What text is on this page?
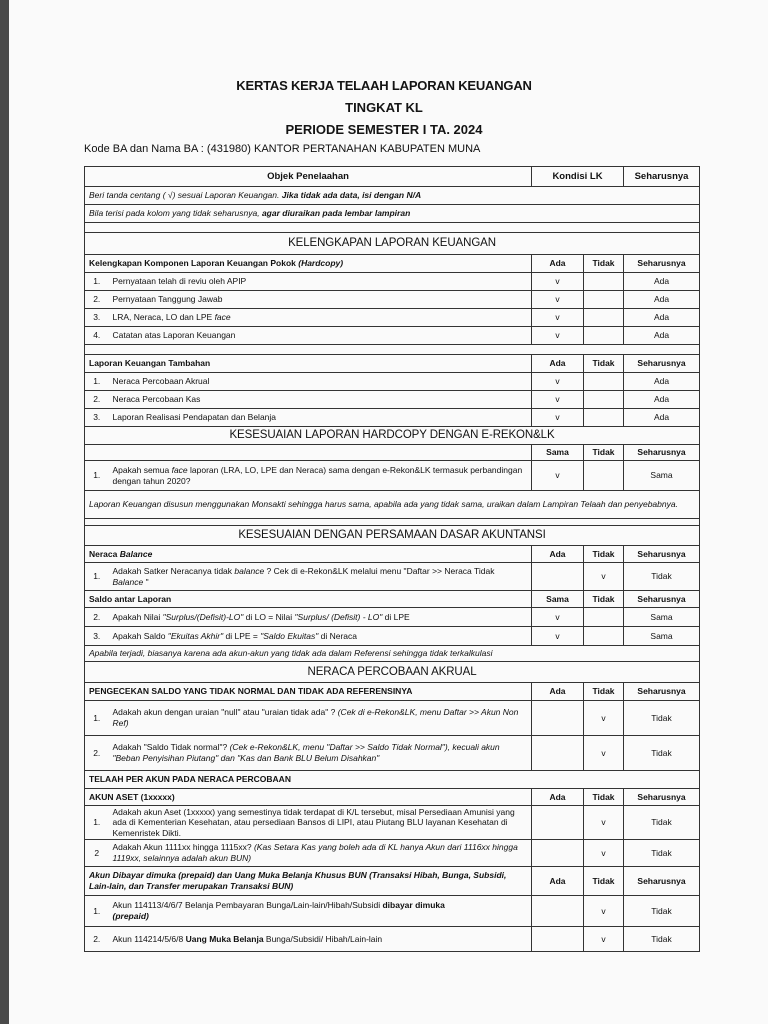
KERTAS KERJA TELAAH LAPORAN KEUANGAN
TINGKAT KL
PERIODE SEMESTER I TA. 2024
Kode BA dan Nama BA : (431980) KANTOR PERTANAHAN KABUPATEN MUNA
Objek Penelaahan		Kondisi LK		Seharusnya
Beri tanda centang ( √) sesuai Laporan Keuangan. Jika tidak ada data, isi dengan N/A				
Bila terisi pada kolom yang tidak seharusnya, agar diuraikan pada lembar lampiran				

KELENGKAPAN LAPORAN KEUANGAN				
Kelengkapan Komponen Laporan Keuangan Pokok (Hardcopy)		Ada	Tidak	Seharusnya
1.	Pernyataan telah di reviu oleh APIP	v		Ada
2.	Pernyataan Tanggung Jawab	v		Ada
3.	LRA, Neraca, LO dan LPE face	v		Ada
4.	Catatan atas Laporan Keuangan	v		Ada

Laporan Keuangan Tambahan		Ada	Tidak	Seharusnya
1.	Neraca Percobaan Akrual	v		Ada
2.	Neraca Percobaan Kas	v		Ada
3.	Laporan Realisasi Pendapatan dan Belanja	v		Ada
KESESUAIAN LAPORAN HARDCOPY DENGAN E-REKON&LK				
		Sama	Tidak	Seharusnya
1.	Apakah semua face laporan (LRA, LO, LPE dan Neraca) sama dengan e-Rekon&LK termasuk perbandingan dengan tahun 2020?	v		Sama
Laporan Keuangan disusun menggunakan Monsakti sehingga harus sama, apabila ada yang tidak sama, uraikan dalam Lampiran Telaah dan penyebabnya.				

KESESUAIAN DENGAN PERSAMAAN DASAR AKUNTANSI				
Neraca Balance		Ada	Tidak	Seharusnya
1.	Adakah Satker Neracanya tidak balance ? Cek di e-Rekon&LK melalui menu "Daftar >> Neraca Tidak Balance "		v	Tidak
Saldo antar Laporan		Sama	Tidak	Seharusnya
2.	Apakah Nilai "Surplus/(Defisit)-LO" di LO = Nilai "Surplus/ (Defisit) - LO" di LPE	v		Sama
3.	Apakah Saldo "Ekuitas Akhir" di LPE = "Saldo Ekuitas" di Neraca	v		Sama
Apabila terjadi, biasanya karena ada akun-akun yang tidak ada dalam Referensi sehingga tidak terkalkulasi				
NERACA PERCOBAAN AKRUAL				
PENGECEKAN SALDO YANG TIDAK NORMAL DAN TIDAK ADA REFERENSINYA		Ada	Tidak	Seharusnya
1.	Adakah akun dengan uraian "null" atau "uraian tidak ada" ? (Cek di e-Rekon&LK, menu Daftar >> Akun Non Ref)		v	Tidak
2.	Adakah "Saldo Tidak normal"? (Cek e-Rekon&LK, menu "Daftar >> Saldo Tidak Normal"), kecuali akun "Beban Penyisihan Piutang" dan "Kas dan Bank BLU Belum Disahkan"		v	Tidak
TELAAH PER AKUN PADA NERACA PERCOBAAN				
AKUN ASET (1xxxxx)		Ada	Tidak	Seharusnya
1.	Adakah akun Aset (1xxxxx) yang semestinya tidak terdapat di K/L tersebut, misal Persediaan Amunisi yang ada di Kementerian Kesehatan, atau persediaan Bansos di LIPI, atau Piutang BLU layanan Kesehatan di Kemenristek Dikti.		v	Tidak
2	Adakah Akun 1111xx hingga 1115xx? (Kas Setara Kas yang boleh ada di KL hanya Akun dari 1116xx hingga 1119xx, selainnya adalah akun BUN)		v	Tidak
Akun Dibayar dimuka (prepaid) dan Uang Muka Belanja Khusus BUN (Transaksi Hibah, Bunga, Subsidi, Lain-lain, dan Transfer merupakan Transaksi BUN)		Ada	Tidak	Seharusnya
1.	Akun 114113/4/6/7 Belanja Pembayaran Bunga/Lain-lain/Hibah/Subsidi dibayar dimuka
(prepaid)		v	Tidak
2.	Akun 114214/5/6/8 Uang Muka Belanja Bunga/Subsidi/ Hibah/Lain-lain		v	Tidak
